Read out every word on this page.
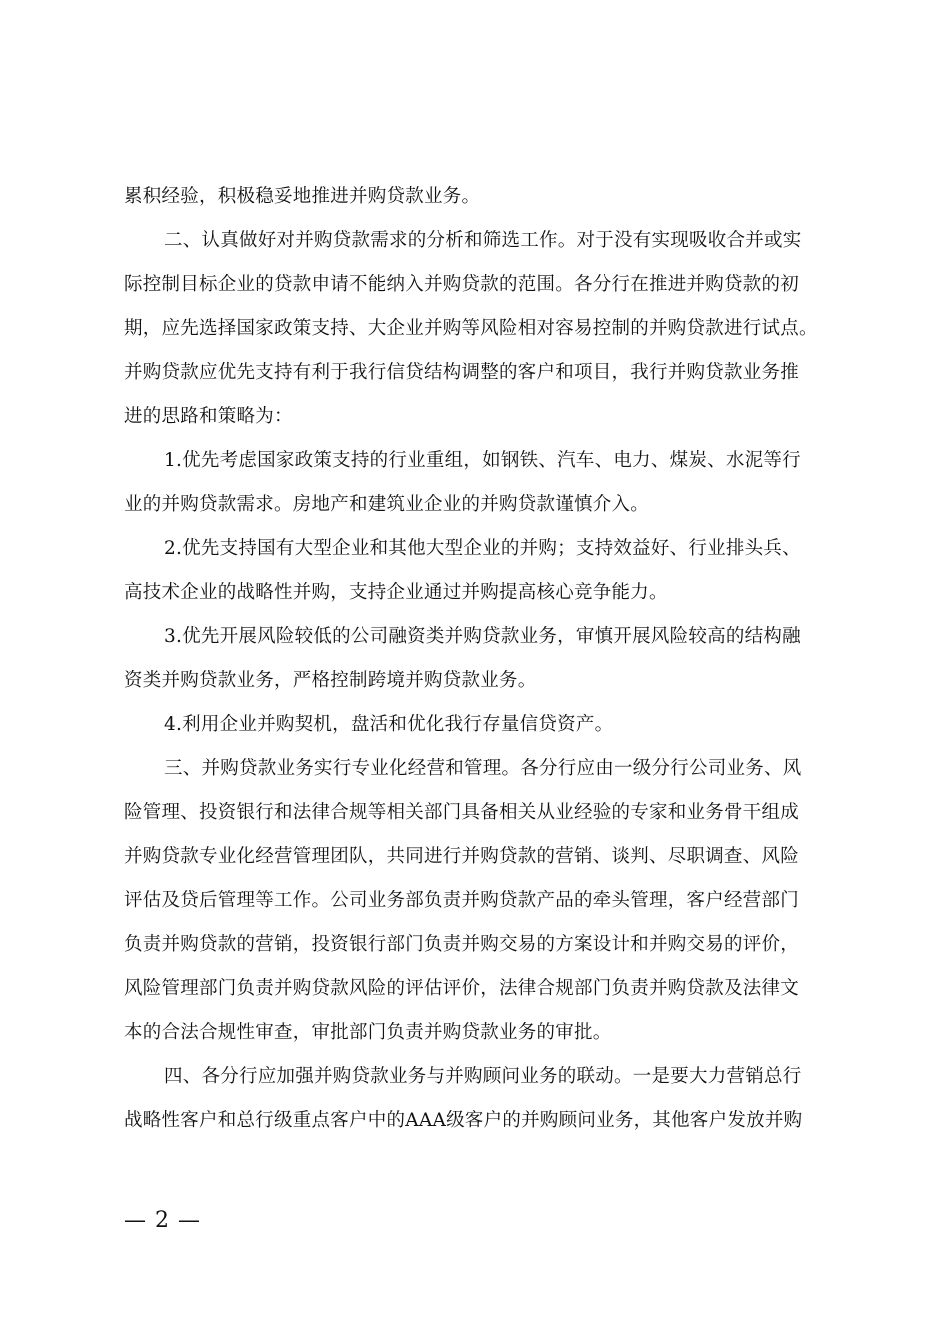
累积经验，积极稳妥地推进并购贷款业务。
二、认真做好对并购贷款需求的分析和筛选工作。对于没有实现吸收合并或实
际控制目标企业的贷款申请不能纳入并购贷款的范围。各分行在推进并购贷款的初
期，应先选择国家政策支持、大企业并购等风险相对容易控制的并购贷款进行试点。
并购贷款应优先支持有利于我行信贷结构调整的客户和项目，我行并购贷款业务推
进的思路和策略为：
1.优先考虑国家政策支持的行业重组，如钢铁、汽车、电力、煤炭、水泥等行
业的并购贷款需求。房地产和建筑业企业的并购贷款谨慎介入。
2.优先支持国有大型企业和其他大型企业的并购；支持效益好、行业排头兵、
高技术企业的战略性并购，支持企业通过并购提高核心竞争能力。
3.优先开展风险较低的公司融资类并购贷款业务，审慎开展风险较高的结构融
资类并购贷款业务，严格控制跨境并购贷款业务。
4.利用企业并购契机，盘活和优化我行存量信贷资产。
三、并购贷款业务实行专业化经营和管理。各分行应由一级分行公司业务、风
险管理、投资银行和法律合规等相关部门具备相关从业经验的专家和业务骨干组成
并购贷款专业化经营管理团队，共同进行并购贷款的营销、谈判、尽职调查、风险
评估及贷后管理等工作。公司业务部负责并购贷款产品的牵头管理，客户经营部门
负责并购贷款的营销，投资银行部门负责并购交易的方案设计和并购交易的评价，
风险管理部门负责并购贷款风险的评估评价，法律合规部门负责并购贷款及法律文
本的合法合规性审查，审批部门负责并购贷款业务的审批。
四、各分行应加强并购贷款业务与并购顾问业务的联动。一是要大力营销总行
战略性客户和总行级重点客户中的AAA级客户的并购顾问业务，其他客户发放并购
— 2 —
